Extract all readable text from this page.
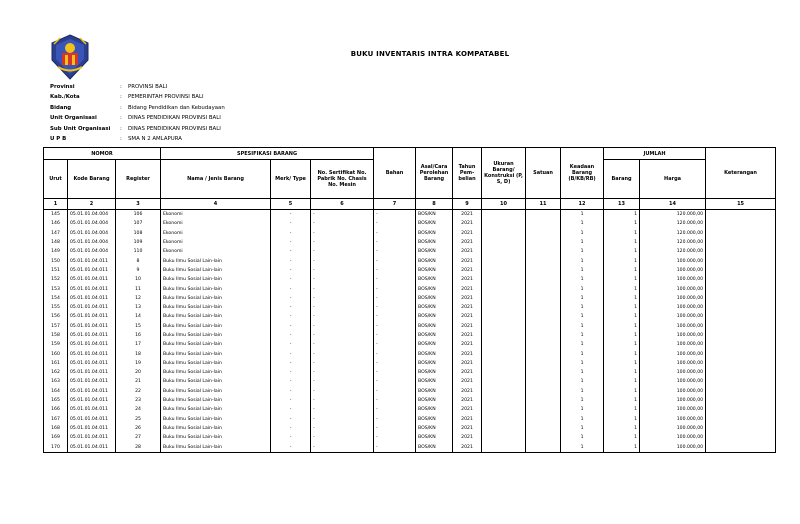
BUKU INVENTARIS INTRA KOMPATABEL
Provinsi	:	PROVINSI BALI
Kab./Kota	:	PEMERINTAH PROVINSI BALI
Bidang	:	Bidang Pendidikan dan Kebudayaan
Unit Organisasi	:	DINAS PENDIDIKAN PROVINSI BALI
Sub Unit Organisasi	:	DINAS PENDIDIKAN PROVINSI BALI
U P B	:	SMA N 2 AMLAPURA
NOMOR			SPESIFIKASI BARANG			Bahan	Asal/Cara Perolehan Barang	Tahun Pem- belian	Ukuran Barang/ Konstruksi (P, S, D)	Satuan	Keadaan Barang (B/KB/RB)	JUMLAH		Keterangan
Urut	Kode Barang	Register	Nama / Jenis Barang	Merk/ Type	No. Sertifikat No. Pabrik No. Chasis No. Mesin							Barang	Harga	
1	2	3	4	5	6	7	8	9	10	11	12	13	14	15
145	05.01.01.04.004	106	Ekonomi	-	-	-	BOS/KN	2021			1	1	120.000,00	
146	05.01.01.04.004	107	Ekonomi	-	-	-	BOS/KN	2021			1	1	120.000,00	
147	05.01.01.04.004	108	Ekonomi	-	-	-	BOS/KN	2021			1	1	120.000,00	
148	05.01.01.04.004	109	Ekonomi	-	-	-	BOS/KN	2021			1	1	120.000,00	
149	05.01.01.04.004	110	Ekonomi	-	-	-	BOS/KN	2021			1	1	120.000,00	
150	05.01.01.04.011	8	Buku Ilmu Sosial Lain-lain	-	-	-	BOS/KN	2021			1	1	100.000,00	
151	05.01.01.04.011	9	Buku Ilmu Sosial Lain-lain	-	-	-	BOS/KN	2021			1	1	100.000,00	
152	05.01.01.04.011	10	Buku Ilmu Sosial Lain-lain	-	-	-	BOS/KN	2021			1	1	100.000,00	
153	05.01.01.04.011	11	Buku Ilmu Sosial Lain-lain	-	-	-	BOS/KN	2021			1	1	100.000,00	
154	05.01.01.04.011	12	Buku Ilmu Sosial Lain-lain	-	-	-	BOS/KN	2021			1	1	100.000,00	
155	05.01.01.04.011	13	Buku Ilmu Sosial Lain-lain	-	-	-	BOS/KN	2021			1	1	100.000,00	
156	05.01.01.04.011	14	Buku Ilmu Sosial Lain-lain	-	-	-	BOS/KN	2021			1	1	100.000,00	
157	05.01.01.04.011	15	Buku Ilmu Sosial Lain-lain	-	-	-	BOS/KN	2021			1	1	100.000,00	
158	05.01.01.04.011	16	Buku Ilmu Sosial Lain-lain	-	-	-	BOS/KN	2021			1	1	100.000,00	
159	05.01.01.04.011	17	Buku Ilmu Sosial Lain-lain	-	-	-	BOS/KN	2021			1	1	100.000,00	
160	05.01.01.04.011	18	Buku Ilmu Sosial Lain-lain	-	-	-	BOS/KN	2021			1	1	100.000,00	
161	05.01.01.04.011	19	Buku Ilmu Sosial Lain-lain	-	-	-	BOS/KN	2021			1	1	100.000,00	
162	05.01.01.04.011	20	Buku Ilmu Sosial Lain-lain	-	-	-	BOS/KN	2021			1	1	100.000,00	
163	05.01.01.04.011	21	Buku Ilmu Sosial Lain-lain	-	-	-	BOS/KN	2021			1	1	100.000,00	
164	05.01.01.04.011	22	Buku Ilmu Sosial Lain-lain	-	-	-	BOS/KN	2021			1	1	100.000,00	
165	05.01.01.04.011	23	Buku Ilmu Sosial Lain-lain	-	-	-	BOS/KN	2021			1	1	100.000,00	
166	05.01.01.04.011	24	Buku Ilmu Sosial Lain-lain	-	-	-	BOS/KN	2021			1	1	100.000,00	
167	05.01.01.04.011	25	Buku Ilmu Sosial Lain-lain	-	-	-	BOS/KN	2021			1	1	100.000,00	
168	05.01.01.04.011	26	Buku Ilmu Sosial Lain-lain	-	-	-	BOS/KN	2021			1	1	100.000,00	
169	05.01.01.04.011	27	Buku Ilmu Sosial Lain-lain	-	-	-	BOS/KN	2021			1	1	100.000,00	
170	05.01.01.04.011	28	Buku Ilmu Sosial Lain-lain	-	-	-	BOS/KN	2021			1	1	100.000,00	
